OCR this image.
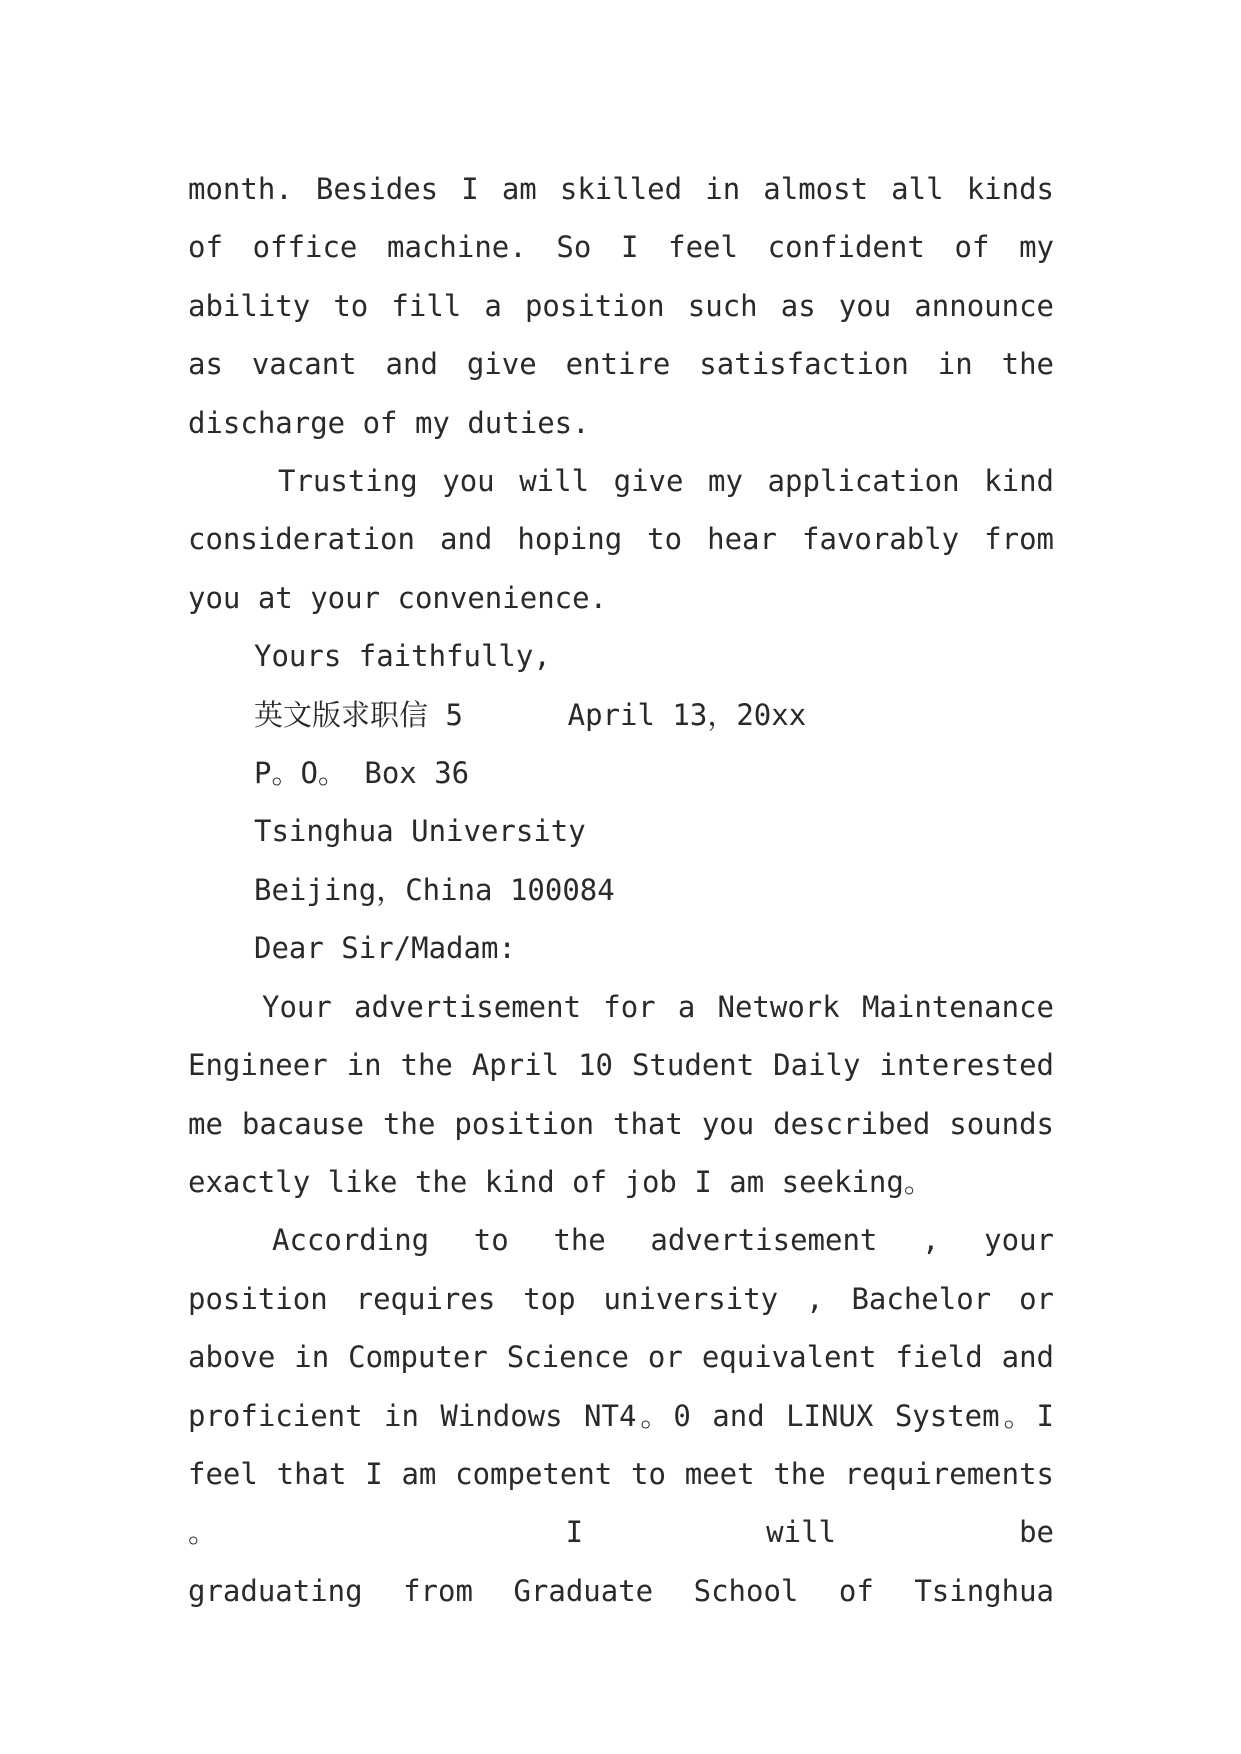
month. Besides I am skilled in almost all kinds of office machine. So I feel confident of my ability to fill a position such as you announce as vacant and give entire satisfaction in the discharge of my duties.

Trusting you will give my application kind consideration and hoping to hear favorably from you at your convenience.

Yours faithfully,

英文版求职信 5      April 13，20xx

P。O。 Box 36

Tsinghua University

Beijing，China 100084

Dear Sir/Madam:

Your advertisement for a Network Maintenance Engineer in the April 10 Student Daily interested me bacause the position that you described sounds exactly like the kind of job I am seeking。

According to the advertisement , your position requires top university , Bachelor or above in Computer Science or equivalent field and proficient in Windows NT4。0 and LINUX System。I feel that I am competent to meet the requirements 。 I will be

graduating from Graduate School of Tsinghua
